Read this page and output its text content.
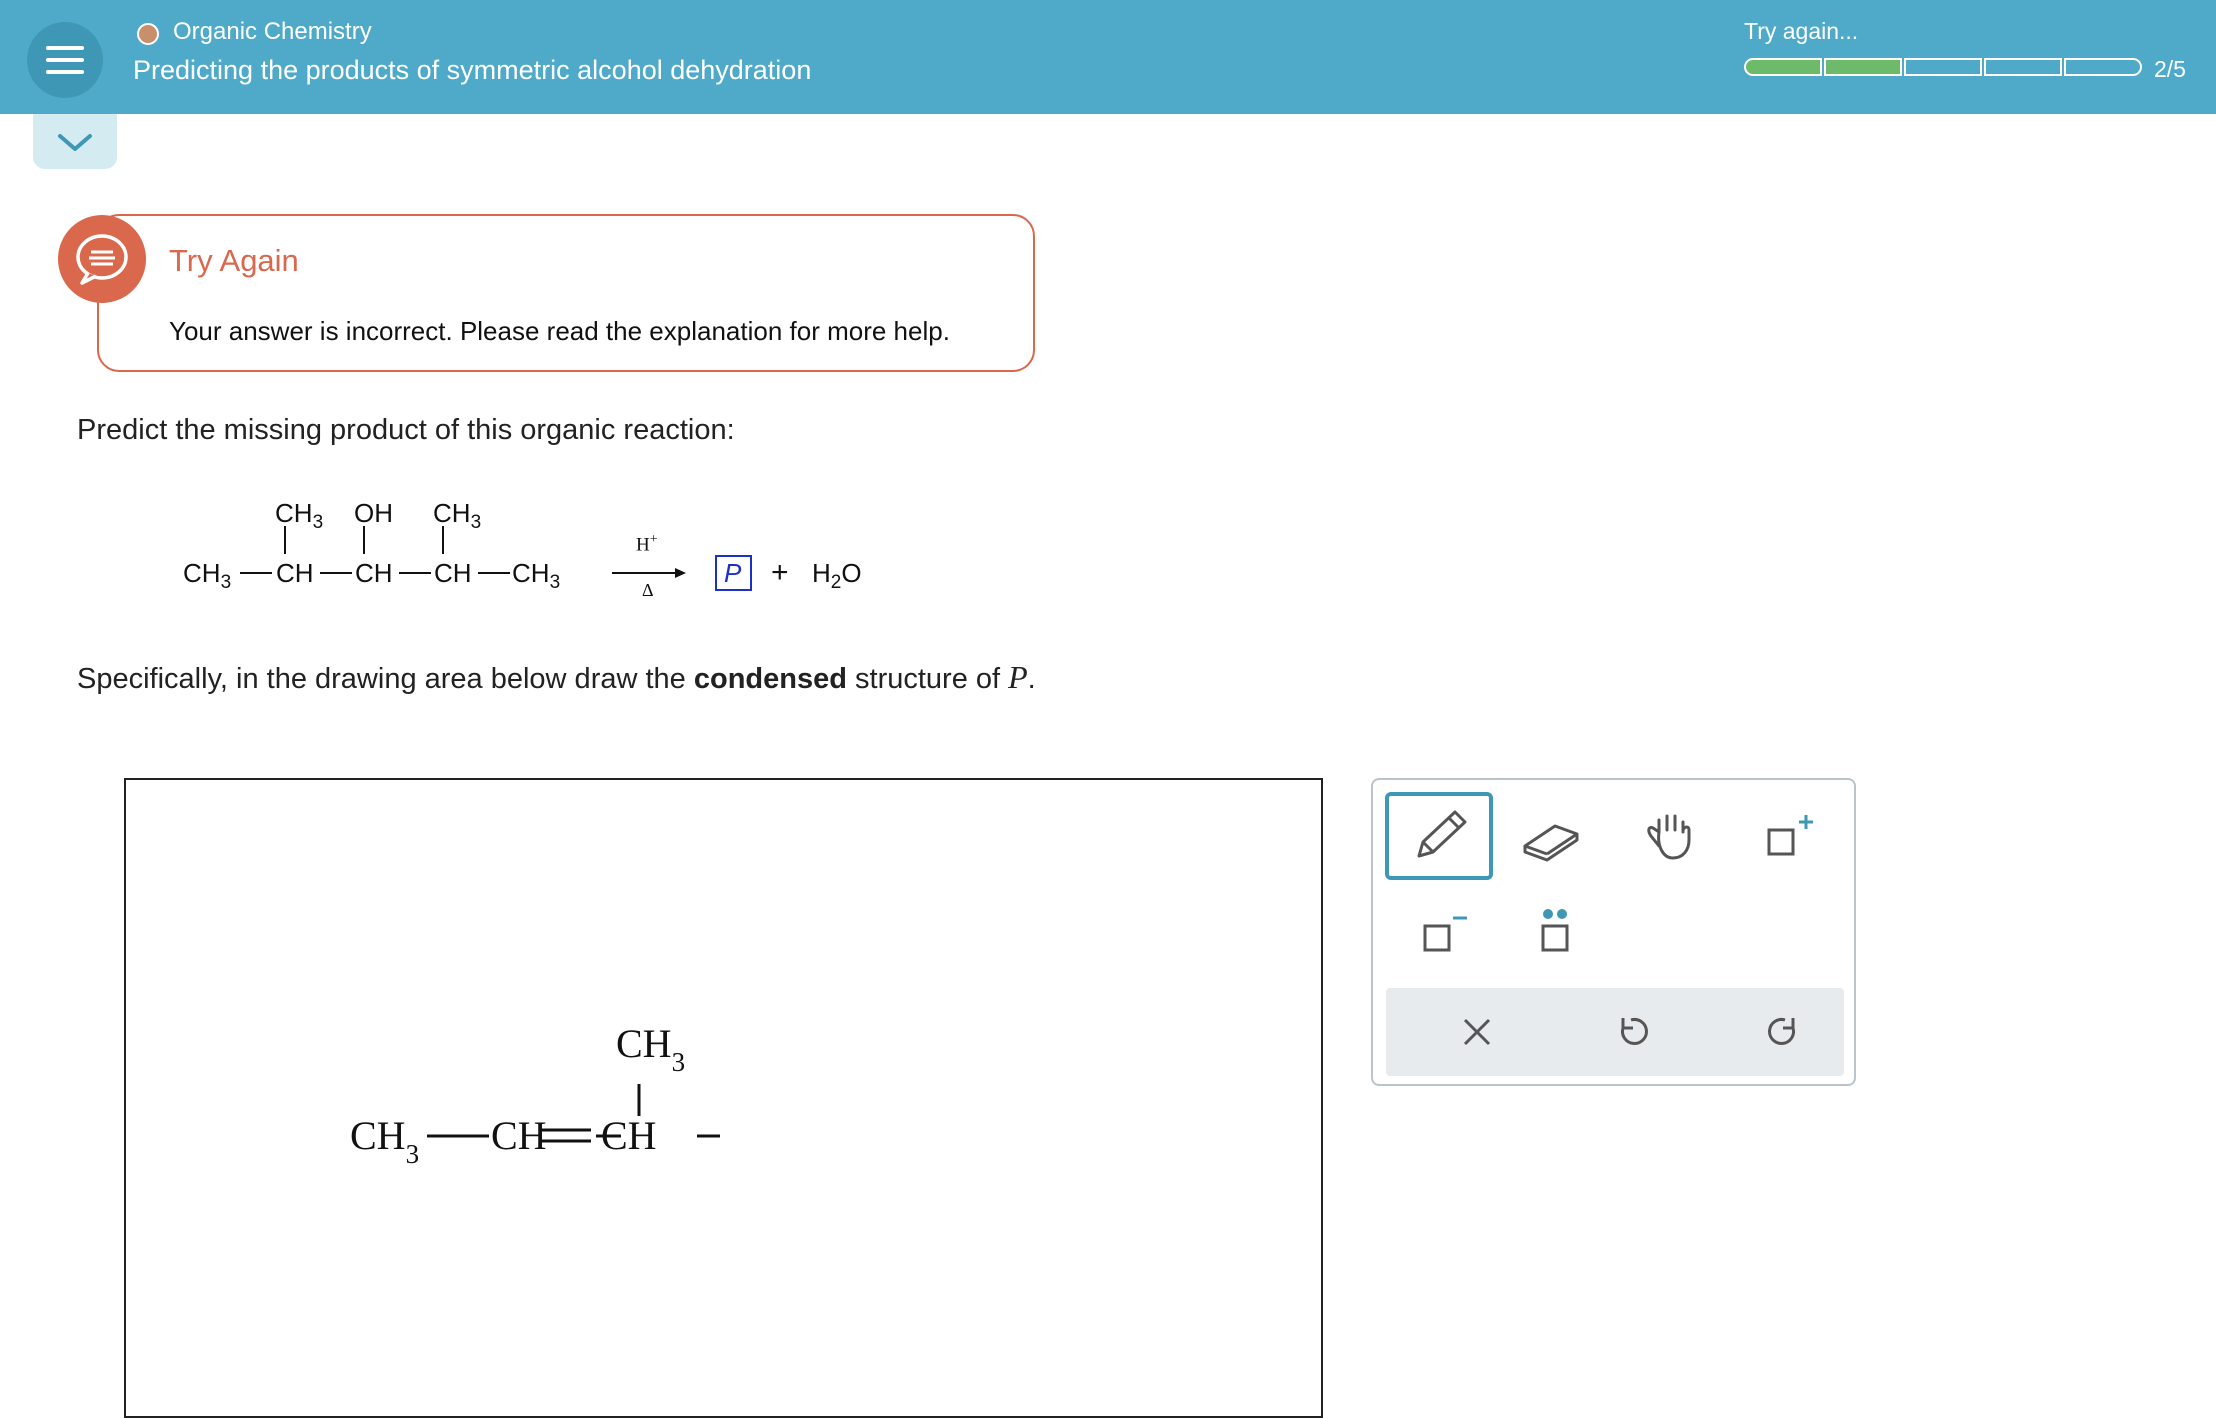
Organic Chemistry
Predicting the products of symmetric alcohol dehydration
Try again...
2/5
Try Again
Your answer is incorrect. Please read the explanation for more help.
Predict the missing product of this organic reaction:
$CH_3$ OH $CH_3$
$CH_3$ CH CH CH $CH_3$
H+
Δ
$P + H_2O$
Specifically, in the drawing area below draw the condensed structure of P.
$CH_3$
$CH_3$ CH CH
